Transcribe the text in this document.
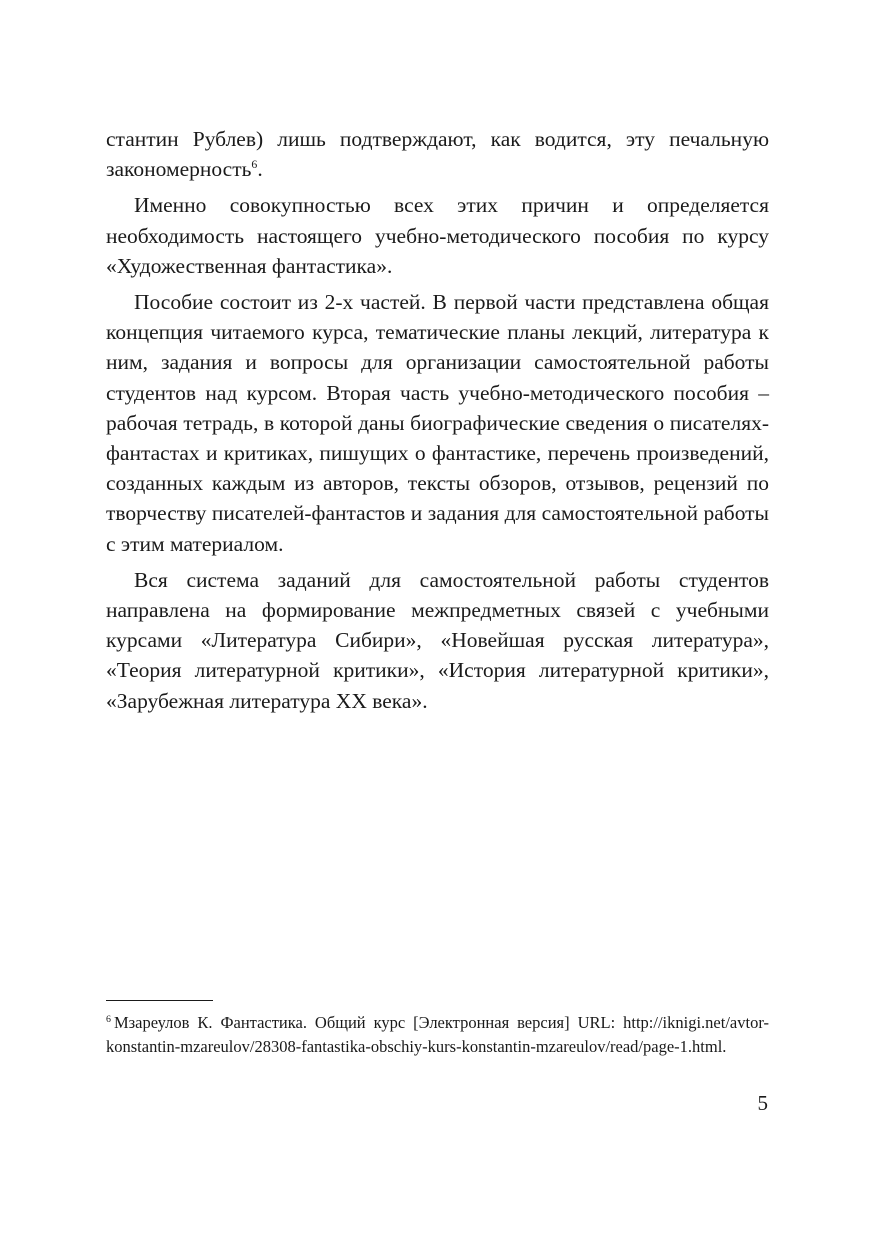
стантин Рублев) лишь подтверждают, как водится, эту печальную закономерность$^6$.

Именно совокупностью всех этих причин и определяется необходимость настоящего учебно-методического пособия по курсу «Художественная фантастика».

Пособие состоит из 2-х частей. В первой части представлена общая концепция читаемого курса, тематические планы лекций, литература к ним, задания и вопросы для организации самостоятельной работы студентов над курсом. Вторая часть учебно-методического пособия – рабочая тетрадь, в которой даны биографические сведения о писателях-фантастах и критиках, пишущих о фантастике, перечень произведений, созданных каждым из авторов, тексты обзоров, отзывов, рецензий по творчеству писателей-фантастов и задания для самостоятельной работы с этим материалом.

Вся система заданий для самостоятельной работы студентов направлена на формирование межпредметных связей с учебными курсами «Литература Сибири», «Новейшая русская литература», «Теория литературной критики», «История литературной критики», «Зарубежная литература XX века».

$^6$ Мзареулов К. Фантастика. Общий курс [Электронная версия] URL: http://iknigi.net/avtor-konstantin-mzareulov/28308-fantastika-obschiy-kurs-konstantin-mzareulov/read/page-1.html.

5
